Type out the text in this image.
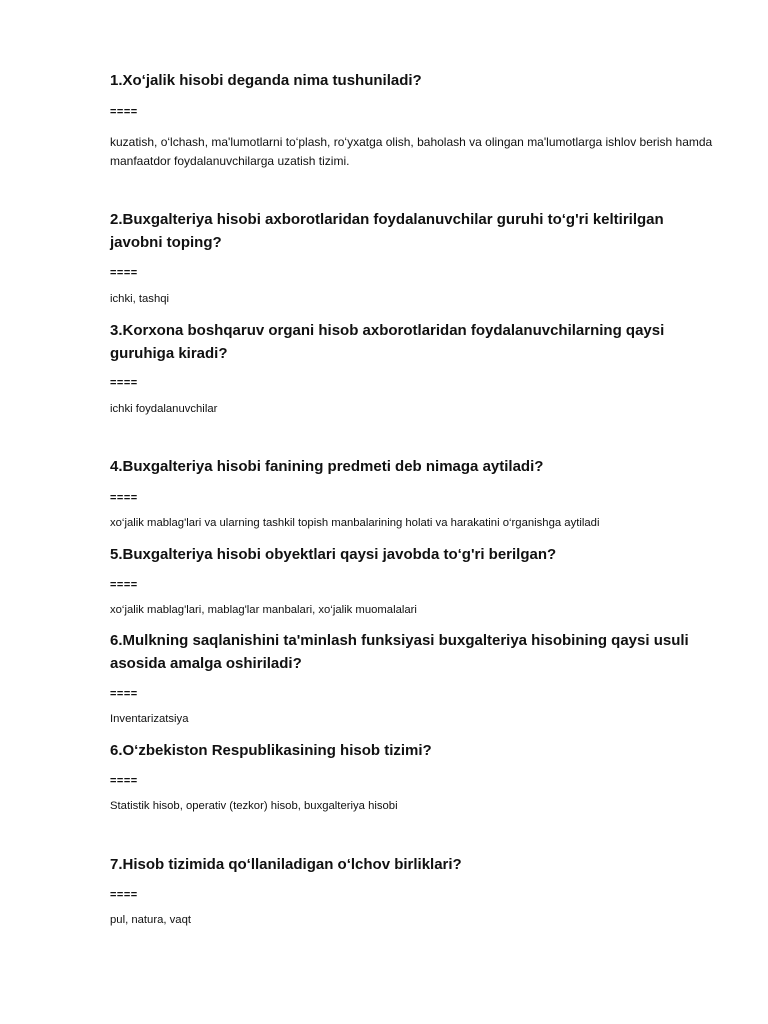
1.Xo‘jalik hisobi deganda nima tushuniladi?

====

kuzatish, o‘lchash, ma'lumotlarni to‘plash, ro‘yxatga olish, baholash va olingan ma'lumotlarga ishlov berish hamda manfaatdor foydalanuvchilarga uzatish tizimi.

2.Buxgalteriya hisobi axborotlaridan foydalanuvchilar guruhi to‘g'ri keltirilgan javobni toping?

====

ichki, tashqi

3.Korxona boshqaruv organi hisob axborotlaridan foydalanuvchilarning qaysi guruhiga kiradi?

====

ichki foydalanuvchilar

4.Buxgalteriya hisobi fanining predmeti deb nimaga aytiladi?

====

xo‘jalik mablag'lari va ularning tashkil topish manbalarining holati va harakatini o‘rganishga aytiladi

5.Buxgalteriya hisobi obyektlari qaysi javobda to‘g'ri berilgan?

====

xo‘jalik mablag'lari, mablag'lar manbalari, xo‘jalik muomalalari

6.Mulkning saqlanishini ta'minlash funksiyasi buxgalteriya hisobining qaysi usuli asosida amalga oshiriladi?

====

Inventarizatsiya

6.O‘zbekiston Respublikasining hisob tizimi?

====

Statistik hisob, operativ (tezkor) hisob, buxgalteriya hisobi

7.Hisob tizimida qo‘llaniladigan o‘lchov birliklari?

====

pul, natura, vaqt
